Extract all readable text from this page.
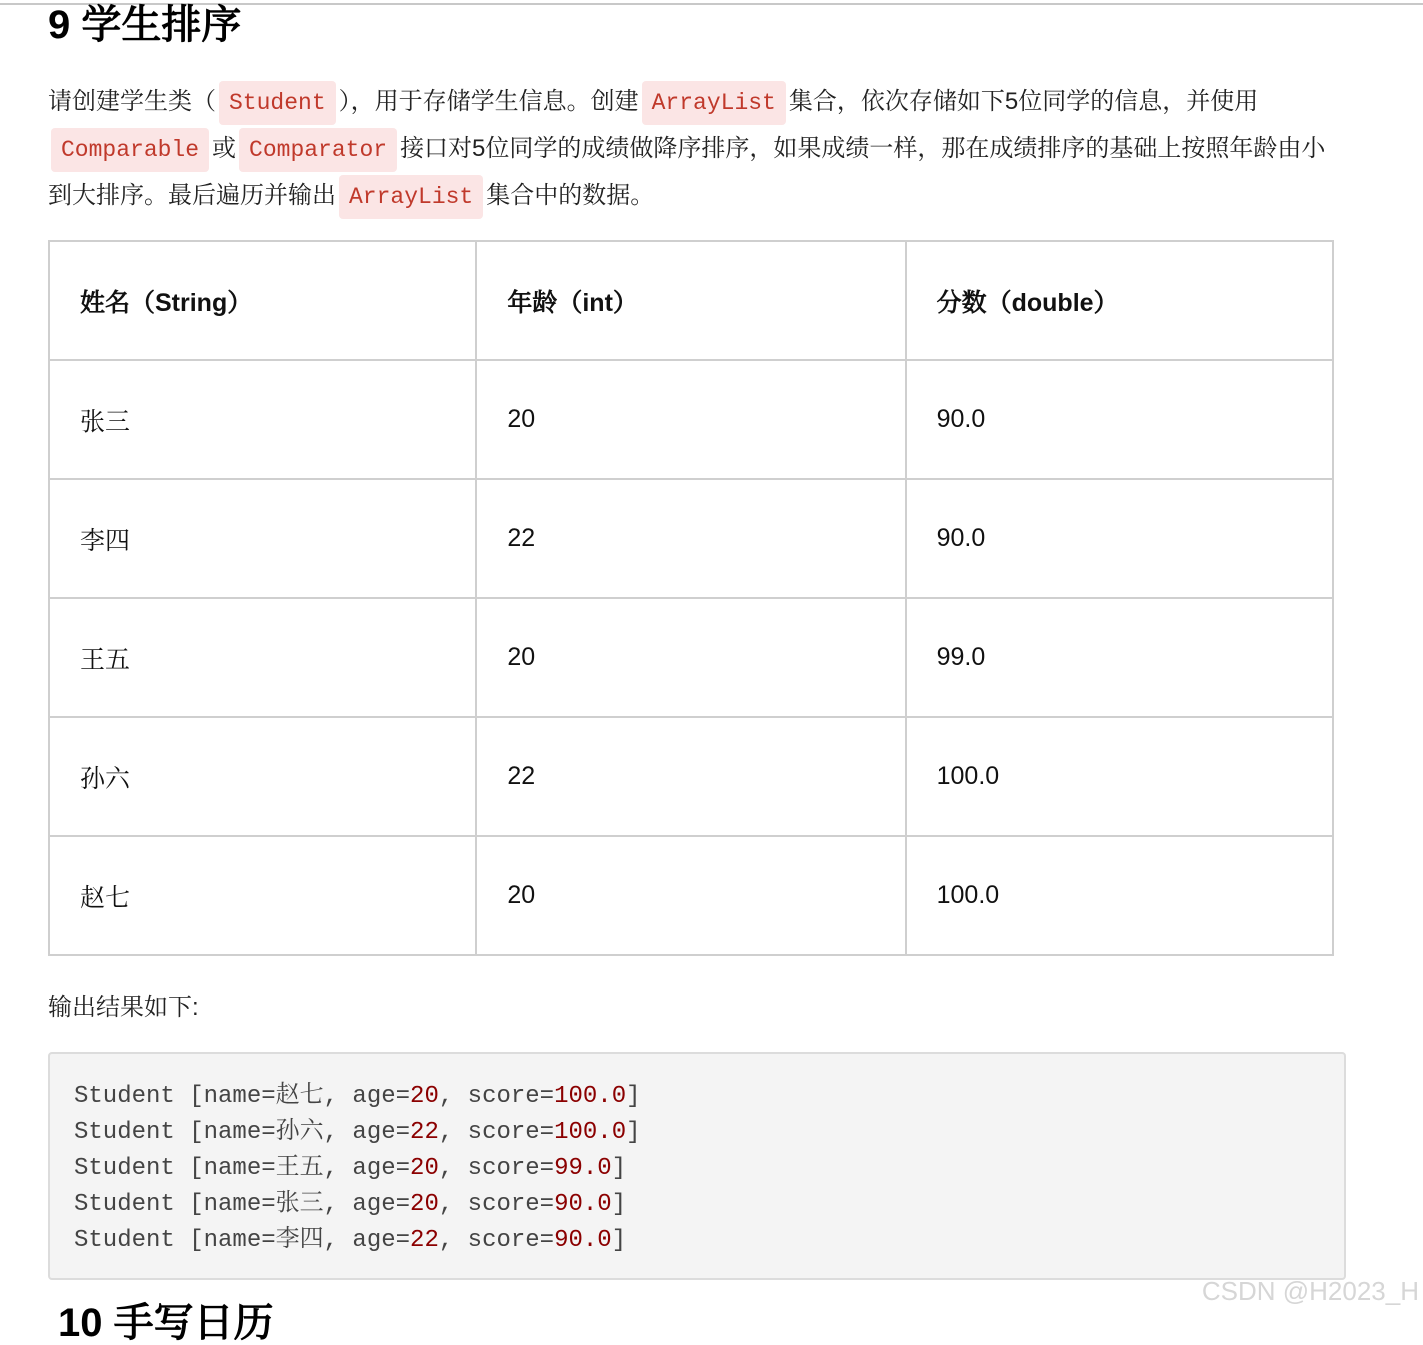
9 学生排序

请创建学生类（ Student ），用于存储学生信息。创建 ArrayList 集合，依次存储如下5位同学的信息，并使用Comparable 或 Comparator 接口对5位同学的成绩做降序排序，如果成绩一样，那在成绩排序的基础上按照年龄由小到大排序。最后遍历并输出 ArrayList 集合中的数据。

姓名（String）	年龄（int）	分数（double）
张三	20	90.0
李四	22	90.0
王五	20	99.0
孙六	22	100.0
赵七	20	100.0
输出结果如下:
Student [name=赵七, age=20, score=100.0]
Student [name=孙六, age=22, score=100.0]
Student [name=王五, age=20, score=99.0]
Student [name=张三, age=20, score=90.0]
Student [name=李四, age=22, score=90.0]
10 手写日历
CSDN @H2023_H
